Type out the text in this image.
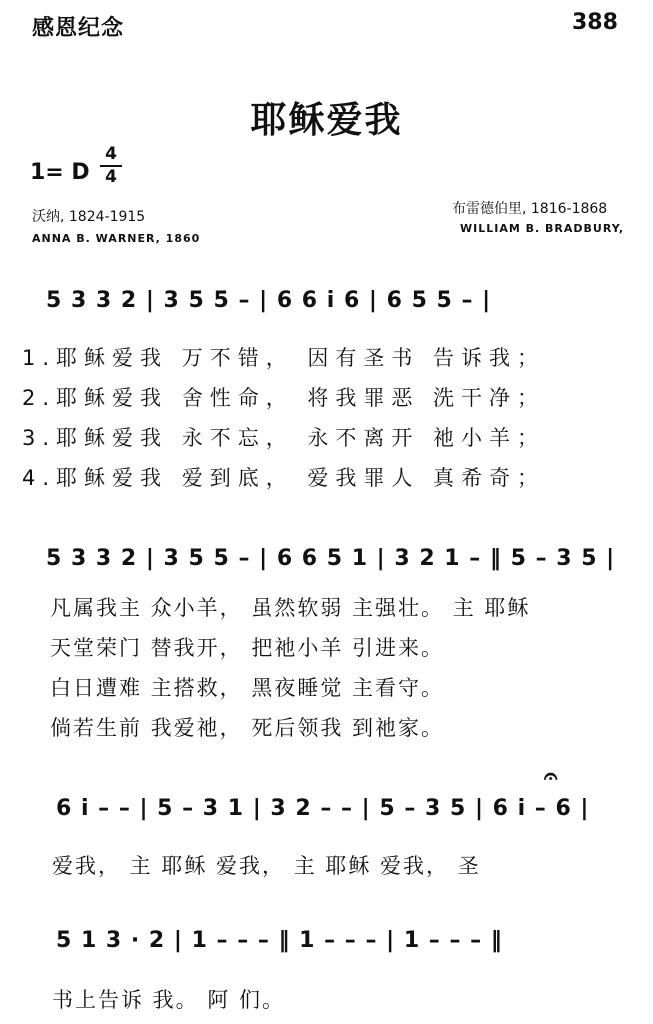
感恩纪念	388
耶稣爱我
1= D
4
4
沃纳, 1824-1915
ANNA B. WARNER, 1860
布雷德伯里, 1816-1868
WILLIAM B. BRADBURY,
5 3 3 2 | 3 5 5 – | 6 6 i 6 | 6 5 5 – |
1.耶稣爱我 万不错， 因有圣书 告诉我；
2.耶稣爱我 舍性命， 将我罪恶 洗干净；
3.耶稣爱我 永不忘， 永不离开 祂小羊；
4.耶稣爱我 爱到底， 爱我罪人 真希奇；
5 3 3 2 | 3 5 5 – | 6 6 5 1 | 3 2 1 – ‖ 5 – 3 5 |
凡属我主 众小羊， 虽然软弱 主强壮。 主 耶稣
天堂荣门 替我开， 把祂小羊 引进来。
白日遭难 主搭救， 黑夜睡觉 主看守。
倘若生前 我爱祂， 死后领我 到祂家。
𝄐
6 i – – | 5 – 3 1 | 3 2 – – | 5 – 3 5 | 6 i – 6 |
爱我， 主 耶稣 爱我， 主 耶稣 爱我， 圣
5 1 3 · 2 | 1 – – – ‖ 1 – – – | 1 – – – ‖
书上告诉 我。 阿 们。
